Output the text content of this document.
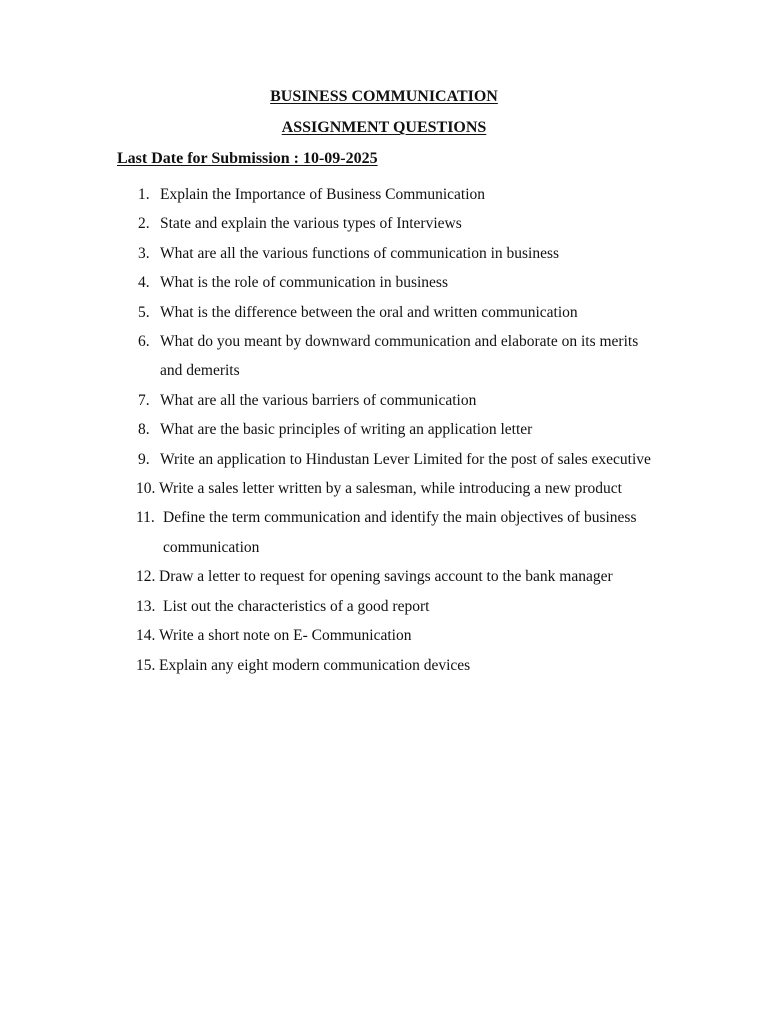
BUSINESS COMMUNICATION
ASSIGNMENT QUESTIONS

Last Date for Submission : 10-09-2025

1. Explain the Importance of Business Communication
2. State and explain the various types of Interviews
3. What are all the various functions of communication in business
4. What is the role of communication in business
5. What is the difference between the oral and written communication
6. What do you meant by downward communication and elaborate on its merits and demerits
7. What are all the various barriers of communication
8. What are the basic principles of writing an application letter
9. Write an application to Hindustan Lever Limited for the post of sales executive
10. Write a sales letter written by a salesman, while introducing a new product
11. Define the term communication and identify the main objectives of business communication
12. Draw a letter to request for opening savings account to the bank manager
13. List out the characteristics of a good report
14. Write a short note on E- Communication
15. Explain any eight modern communication devices
